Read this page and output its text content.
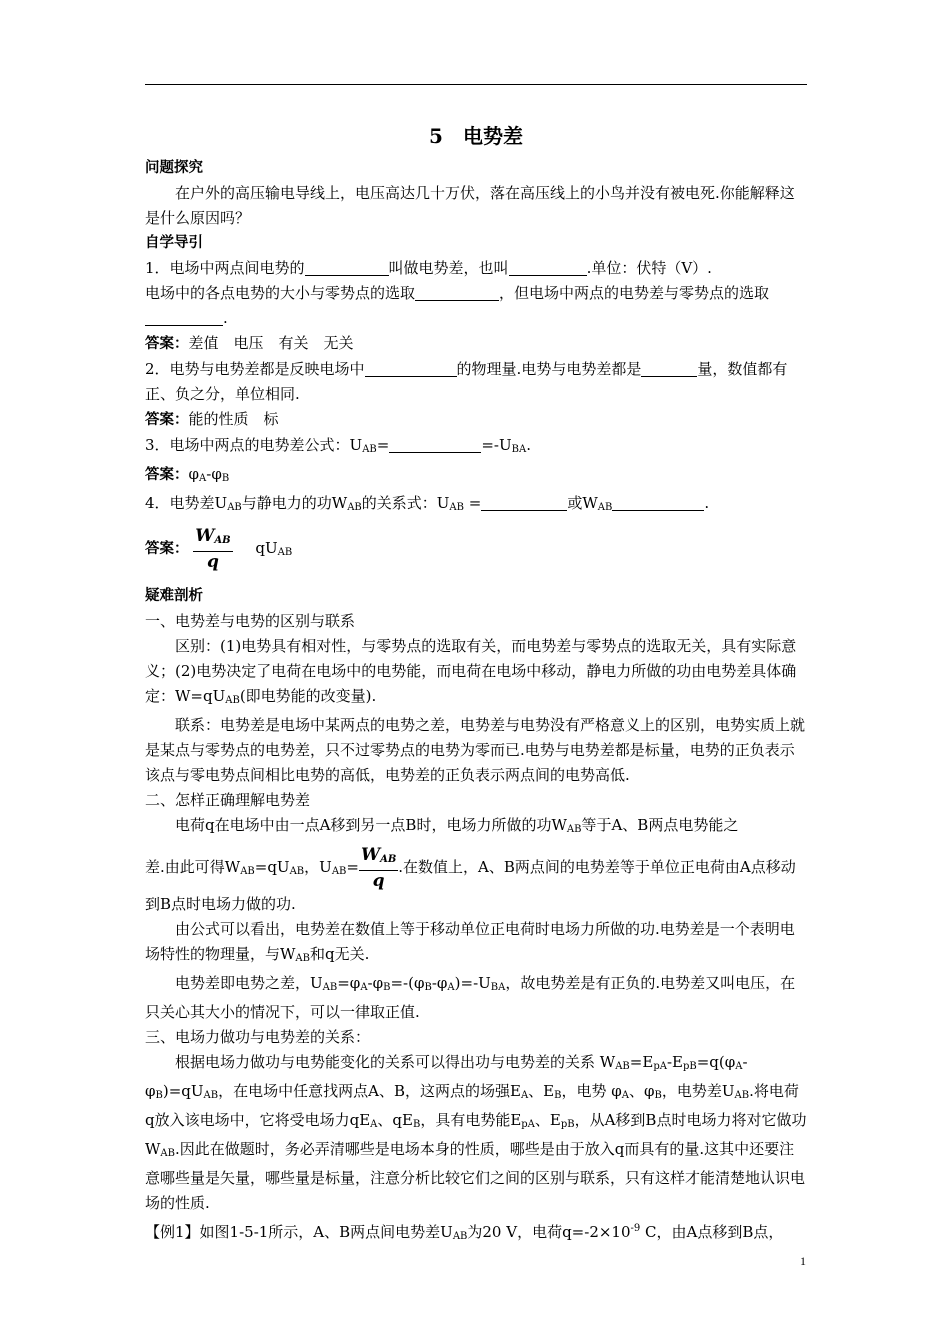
5　电势差

问题探究

在户外的高压输电导线上，电压高达几十万伏，落在高压线上的小鸟并没有被电死.你能解释这是什么原因吗？

自学导引

1．电场中两点间电势的	叫做电势差，也叫	.单位：伏特（V）.

电场中的各点电势的大小与零势点的选取	，但电场中两点的电势差与零势点的选取.

答案：差值　电压　有关　无关

2．电势与电势差都是反映电场中	的物理量.电势与电势差都是	量，数值都有正、负之分，单位相同.

答案：能的性质　标

3．电场中两点的电势差公式：$U_{AB}=$	$=-U_{BA}$.

答案：$\varphi_A-\varphi_B$

4．电势差$U_{AB}$与静电力的功$W_{AB}$的关系式：$U_{AB}$ =	或$W_{AB}$	.

答案： $\frac{W_{AB}}{q} qU_{AB}$

疑难剖析

一、电势差与电势的区别与联系

区别：(1)电势具有相对性，与零势点的选取有关，而电势差与零势点的选取无关，具有实际意义；(2)电势决定了电荷在电场中的电势能，而电荷在电场中移动，静电力所做的功由电势差具体确定：$W=qU_{AB}$(即电势能的改变量).

联系：电势差是电场中某两点的电势之差，电势差与电势没有严格意义上的区别，电势实质上就是某点与零势点的电势差，只不过零势点的电势为零而已.电势与电势差都是标量，电势的正负表示该点与零电势点间相比电势的高低，电势差的正负表示两点间的电势高低.

二、怎样正确理解电势差

电荷q在电场中由一点A移到另一点B时，电场力所做的功$W_{AB}$等于A、B两点电势能之

差.由此可得$W_{AB}=qU_{AB}$，$U_{AB}= \frac{W_{AB}}{q}$ .在数值上，A、B两点间的电势差等于单位正电荷由A点移动

到B点时电场力做的功.

由公式可以看出，电势差在数值上等于移动单位正电荷时电场力所做的功.电势差是一个表明电场特性的物理量，与$W_{AB}$和q无关.

电势差即电势之差，$U_{AB}=\varphi_A-\varphi_B=-(\varphi_B-\varphi_A)=-U_{BA}$，故电势差是有正负的.电势差又叫电压，在只关心其大小的情况下，可以一律取正值.

三、电场力做功与电势差的关系：

根据电场力做功与电势能变化的关系可以得出功与电势差的关系 $W_{AB}=E_{pA}-E_{pB}=q(\varphi_A-\varphi_B)=qU_{AB}$，在电场中任意找两点A、B，这两点的场强$E_A$、$E_B$，电势 $\varphi_A$、$\varphi_B$，电势差$U_{AB}$.将电荷q放入该电场中，它将受电场力$qE_A$、$qE_B$，具有电势能$E_{pA}$、$E_{pB}$，从A移到B点时电场力将对它做功$W_{AB}$.因此在做题时，务必弄清哪些是电场本身的性质，哪些是由于放入q而具有的量.这其中还要注意哪些量是矢量，哪些量是标量，注意分析比较它们之间的区别与联系，只有这样才能清楚地认识电场的性质.

【例1】如图1-5-1所示，A、B两点间电势差$U_{AB}$为20 V，电荷$q=-2\times 10^{-9}$ C，由A点移到B点，

1
